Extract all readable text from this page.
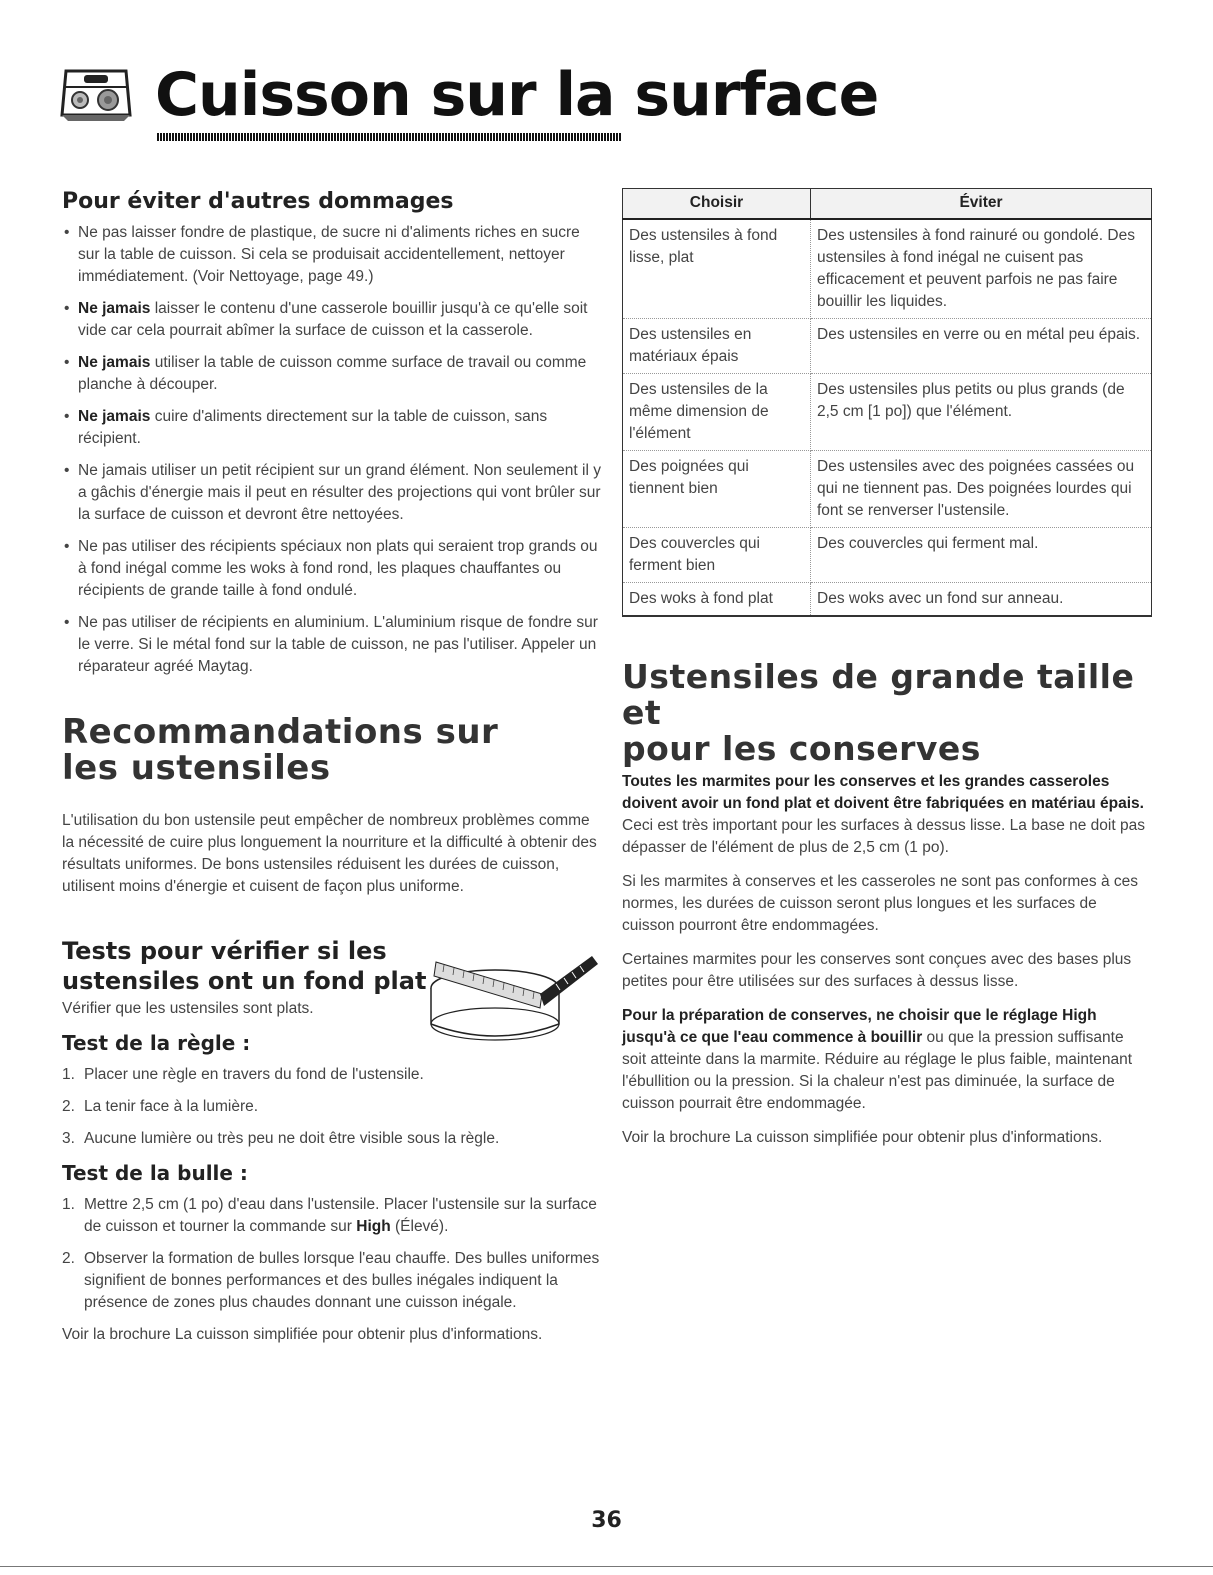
Cuisson sur la surface
Pour éviter d'autres dommages
• Ne pas laisser fondre de plastique, de sucre ni d'aliments riches en sucre sur la table de cuisson. Si cela se produisait accidentellement, nettoyer immédiatement. (Voir Nettoyage, page 49.)
• Ne jamais laisser le contenu d'une casserole bouillir jusqu'à ce qu'elle soit vide car cela pourrait abîmer la surface de cuisson et la casserole.
• Ne jamais utiliser la table de cuisson comme surface de travail ou comme planche à découper.
• Ne jamais cuire d'aliments directement sur la table de cuisson, sans récipient.
• Ne jamais utiliser un petit récipient sur un grand élément. Non seulement il y a gâchis d'énergie mais il peut en résulter des projections qui vont brûler sur la surface de cuisson et devront être nettoyées.
• Ne pas utiliser des récipients spéciaux non plats qui seraient trop grands ou à fond inégal comme les woks à fond rond, les plaques chauffantes ou récipients de grande taille à fond ondulé.
• Ne pas utiliser de récipients en aluminium. L'aluminium risque de fondre sur le verre. Si le métal fond sur la table de cuisson, ne pas l'utiliser. Appeler un réparateur agréé Maytag.
Recommandations sur
les ustensiles

L'utilisation du bon ustensile peut empêcher de nombreux problèmes comme la nécessité de cuire plus longuement la nourriture et la difficulté à obtenir des résultats uniformes. De bons ustensiles réduisent les durées de cuisson, utilisent moins d'énergie et cuisent de façon plus uniforme.

Tests pour vérifier si les
ustensiles ont un fond plat

Vérifier que les ustensiles sont plats.

Test de la règle :
1. Placer une règle en travers du fond de l'ustensile.
2. La tenir face à la lumière.
3. Aucune lumière ou très peu ne doit être visible sous la règle.
Test de la bulle :
1. Mettre 2,5 cm (1 po) d'eau dans l'ustensile. Placer l'ustensile sur la surface de cuisson et tourner la commande sur High (Élevé).
2. Observer la formation de bulles lorsque l'eau chauffe. Des bulles uniformes signifient de bonnes performances et des bulles inégales indiquent la présence de zones plus chaudes donnant une cuisson inégale.

Voir la brochure La cuisson simplifiée pour obtenir plus d'informations.

Choisir	Éviter
Des ustensiles à fond lisse, plat	Des ustensiles à fond rainuré ou gondolé. Des ustensiles à fond inégal ne cuisent pas efficacement et peuvent parfois ne pas faire bouillir les liquides.
Des ustensiles en matériaux épais	Des ustensiles en verre ou en métal peu épais.
Des ustensiles de la même dimension de l'élément	Des ustensiles plus petits ou plus grands (de 2,5 cm [1 po]) que l'élément.
Des poignées qui tiennent bien	Des ustensiles avec des poignées cassées ou qui ne tiennent pas. Des poignées lourdes qui font se renverser l'ustensile.
Des couvercles qui ferment bien	Des couvercles qui ferment mal.
Des woks à fond plat	Des woks avec un fond sur anneau.
Ustensiles de grande taille et
pour les conserves

Toutes les marmites pour les conserves et les grandes casseroles doivent avoir un fond plat et doivent être fabriquées en matériau épais. Ceci est très important pour les surfaces à dessus lisse. La base ne doit pas dépasser de l'élément de plus de 2,5 cm (1 po).

Si les marmites à conserves et les casseroles ne sont pas conformes à ces normes, les durées de cuisson seront plus longues et les surfaces de cuisson pourront être endommagées.

Certaines marmites pour les conserves sont conçues avec des bases plus petites pour être utilisées sur des surfaces à dessus lisse.

Pour la préparation de conserves, ne choisir que le réglage High jusqu'à ce que l'eau commence à bouillir ou que la pression suffisante soit atteinte dans la marmite. Réduire au réglage le plus faible, maintenant l'ébullition ou la pression. Si la chaleur n'est pas diminuée, la surface de cuisson pourrait être endommagée.

Voir la brochure La cuisson simplifiée pour obtenir plus d'informations.

36
